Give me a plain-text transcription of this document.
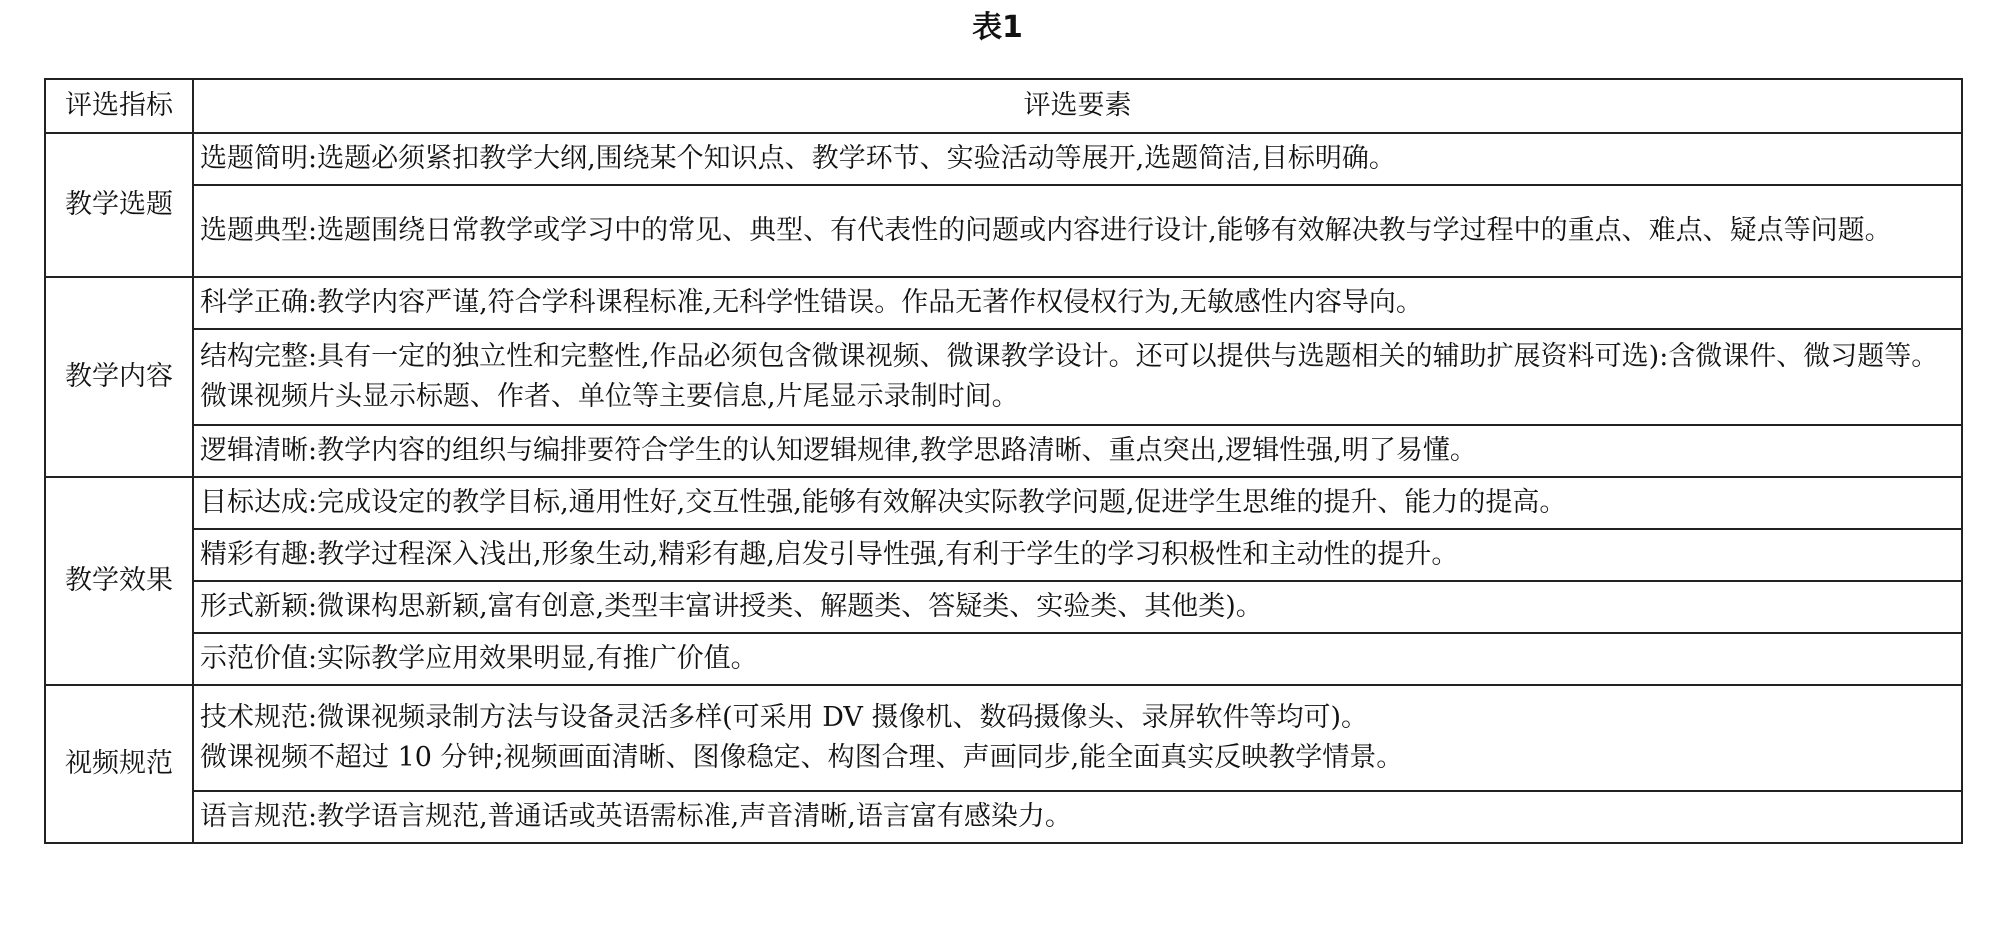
表1
评选指标	评选要素
教学选题	选题简明:选题必须紧扣教学大纲,围绕某个知识点、教学环节、实验活动等展开,选题简洁,目标明确。
	选题典型:选题围绕日常教学或学习中的常见、典型、有代表性的问题或内容进行设计,能够有效解决教与学过程中的重点、难点、疑点等问题。
教学内容	科学正确:教学内容严谨,符合学科课程标准,无科学性错误。作品无著作权侵权行为,无敏感性内容导向。
	结构完整:具有一定的独立性和完整性,作品必须包含微课视频、微课教学设计。还可以提供与选题相关的辅助扩展资料可选):含微课件、微习题等。微课视频片头显示标题、作者、单位等主要信息,片尾显示录制时间。
	逻辑清晰:教学内容的组织与编排要符合学生的认知逻辑规律,教学思路清晰、重点突出,逻辑性强,明了易懂。
教学效果	目标达成:完成设定的教学目标,通用性好,交互性强,能够有效解决实际教学问题,促进学生思维的提升、能力的提高。
	精彩有趣:教学过程深入浅出,形象生动,精彩有趣,启发引导性强,有利于学生的学习积极性和主动性的提升。
	形式新颖:微课构思新颖,富有创意,类型丰富讲授类、解题类、答疑类、实验类、其他类)。
	示范价值:实际教学应用效果明显,有推广价值。
视频规范	技术规范:微课视频录制方法与设备灵活多样(可采用 DV 摄像机、数码摄像头、录屏软件等均可)。
微课视频不超过 10 分钟;视频画面清晰、图像稳定、构图合理、声画同步,能全面真实反映教学情景。

	语言规范:教学语言规范,普通话或英语需标准,声音清晰,语言富有感染力。
